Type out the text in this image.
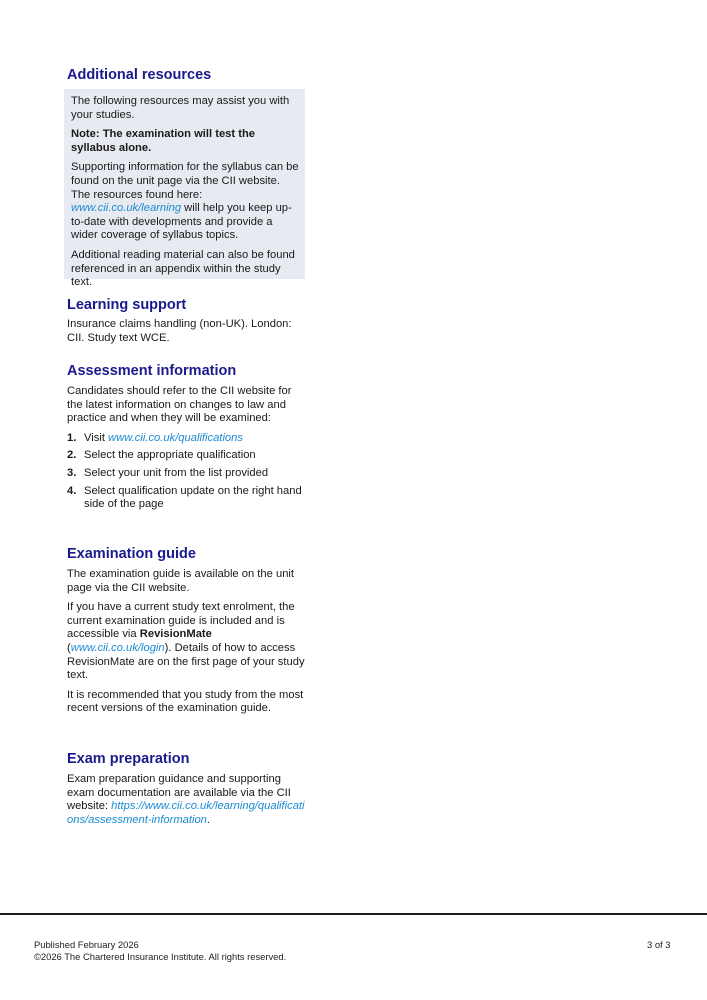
Additional resources

The following resources may assist you with your studies.

Note: The examination will test the syllabus alone.

Supporting information for the syllabus can be found on the unit page via the CII website. The resources found here: www.cii.co.uk/learning will help you keep up-to-date with developments and provide a wider coverage of syllabus topics.

Additional reading material can also be found referenced in an appendix within the study text.

Learning support

Insurance claims handling (non-UK). London: CII. Study text WCE.

Assessment information

Candidates should refer to the CII website for the latest information on changes to law and practice and when they will be examined:

1. Visit www.cii.co.uk/qualifications
2. Select the appropriate qualification
3. Select your unit from the list provided
4. Select qualification update on the right hand side of the page
Examination guide

The examination guide is available on the unit page via the CII website.

If you have a current study text enrolment, the current examination guide is included and is accessible via RevisionMate (www.cii.co.uk/login). Details of how to access RevisionMate are on the first page of your study text.

It is recommended that you study from the most recent versions of the examination guide.

Exam preparation

Exam preparation guidance and supporting exam documentation are available via the CII website: https://www.cii.co.uk/learning/qualifications/assessment-information.

Published February 2026
©2026 The Chartered Insurance Institute. All rights reserved.
3 of 3
